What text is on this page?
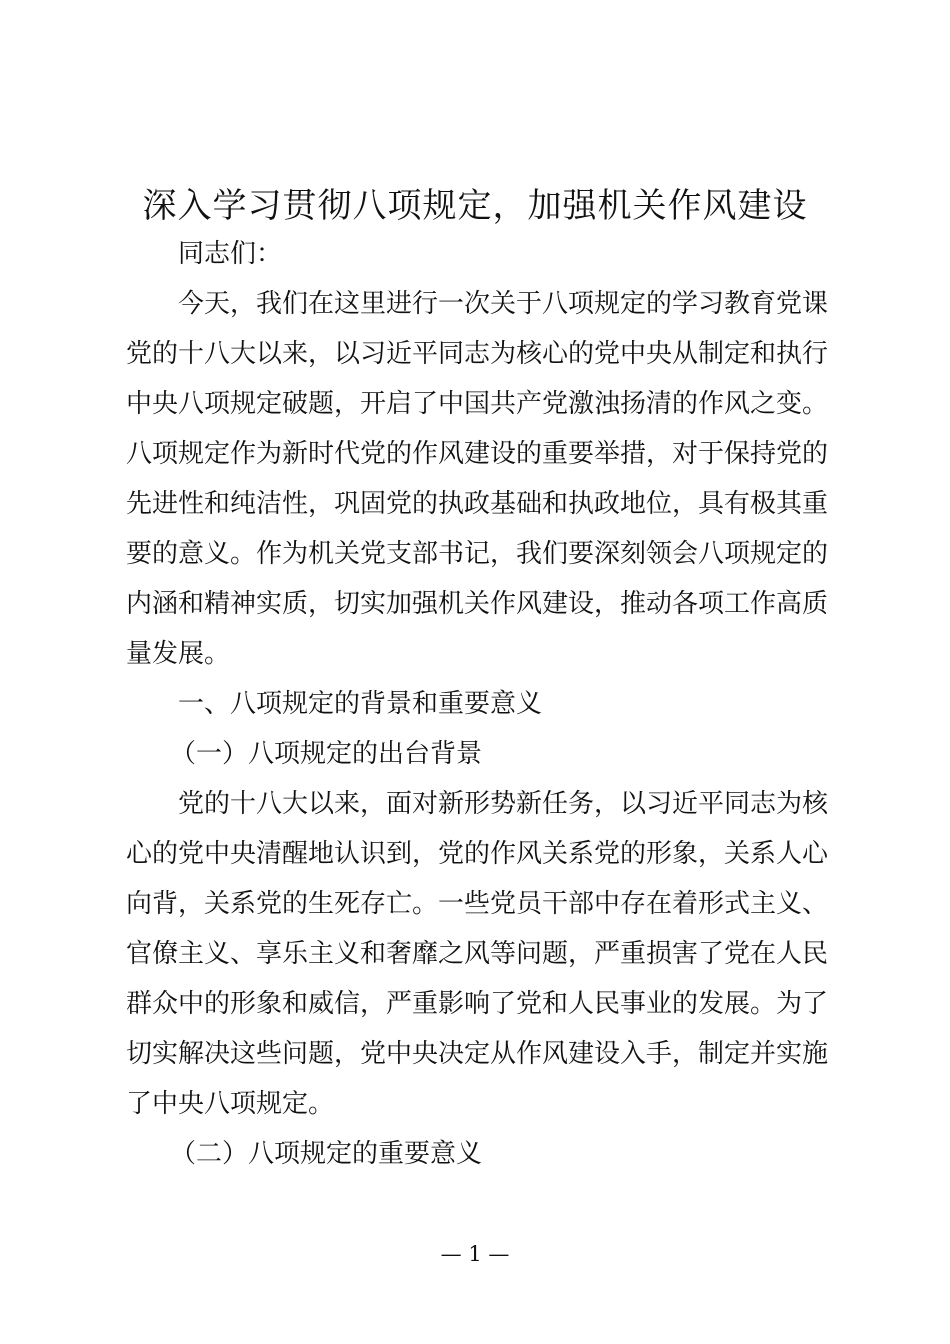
深入学习贯彻八项规定，加强机关作风建设
同志们：
今天，我们在这里进行一次关于八项规定的学习教育党课
党的十八大以来，以习近平同志为核心的党中央从制定和执行
中央八项规定破题，开启了中国共产党激浊扬清的作风之变。
八项规定作为新时代党的作风建设的重要举措，对于保持党的
先进性和纯洁性，巩固党的执政基础和执政地位，具有极其重
要的意义。作为机关党支部书记，我们要深刻领会八项规定的
内涵和精神实质，切实加强机关作风建设，推动各项工作高质
量发展。
一、八项规定的背景和重要意义
（一）八项规定的出台背景
党的十八大以来，面对新形势新任务，以习近平同志为核
心的党中央清醒地认识到，党的作风关系党的形象，关系人心
向背，关系党的生死存亡。一些党员干部中存在着形式主义、
官僚主义、享乐主义和奢靡之风等问题，严重损害了党在人民
群众中的形象和威信，严重影响了党和人民事业的发展。为了
切实解决这些问题，党中央决定从作风建设入手，制定并实施
了中央八项规定。
（二）八项规定的重要意义
— 1 —
